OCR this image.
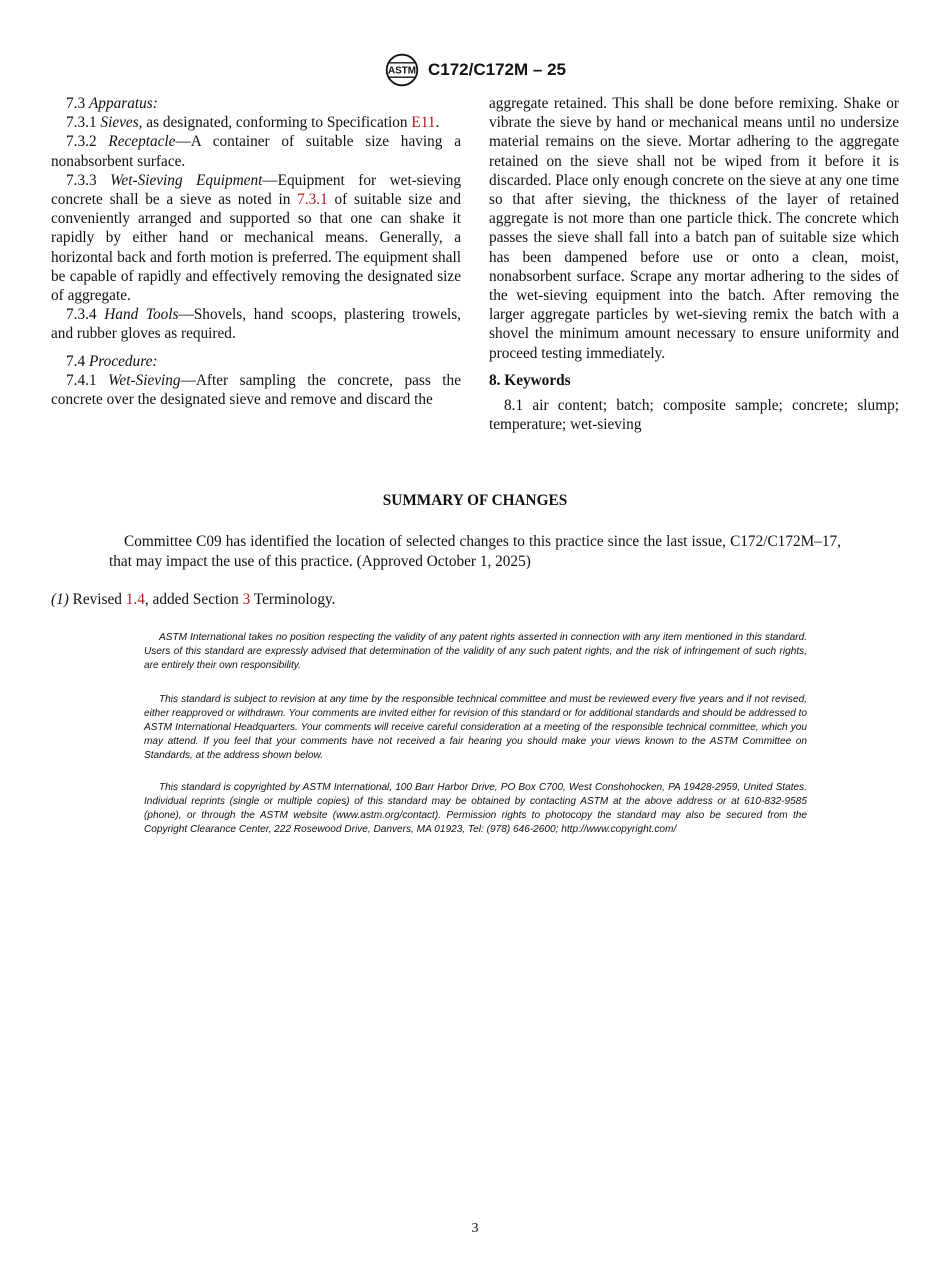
ASTM C172/C172M – 25

7.3 Apparatus:

7.3.1 Sieves, as designated, conforming to Specification E11.

7.3.2 Receptacle—A container of suitable size having a nonabsorbent surface.

7.3.3 Wet-Sieving Equipment—Equipment for wet-sieving concrete shall be a sieve as noted in 7.3.1 of suitable size and conveniently arranged and supported so that one can shake it rapidly by either hand or mechanical means. Generally, a horizontal back and forth motion is preferred. The equipment shall be capable of rapidly and effectively removing the designated size of aggregate.

7.3.4 Hand Tools—Shovels, hand scoops, plastering trowels, and rubber gloves as required.

7.4 Procedure:

7.4.1 Wet-Sieving—After sampling the concrete, pass the concrete over the designated sieve and remove and discard the

aggregate retained. This shall be done before remixing. Shake or vibrate the sieve by hand or mechanical means until no undersize material remains on the sieve. Mortar adhering to the aggregate retained on the sieve shall not be wiped from it before it is discarded. Place only enough concrete on the sieve at any one time so that after sieving, the thickness of the layer of retained aggregate is not more than one particle thick. The concrete which passes the sieve shall fall into a batch pan of suitable size which has been dampened before use or onto a clean, moist, nonabsorbent surface. Scrape any mortar adhering to the sides of the wet-sieving equipment into the batch. After removing the larger aggregate particles by wet-sieving remix the batch with a shovel the minimum amount necessary to ensure uniformity and proceed testing immediately.

8. Keywords

8.1 air content; batch; composite sample; concrete; slump; temperature; wet-sieving

SUMMARY OF CHANGES

Committee C09 has identified the location of selected changes to this practice since the last issue, C172/C172M–17, that may impact the use of this practice. (Approved October 1, 2025)

(1) Revised 1.4, added Section 3 Terminology.

ASTM International takes no position respecting the validity of any patent rights asserted in connection with any item mentioned in this standard. Users of this standard are expressly advised that determination of the validity of any such patent rights, and the risk of infringement of such rights, are entirely their own responsibility.

This standard is subject to revision at any time by the responsible technical committee and must be reviewed every five years and if not revised, either reapproved or withdrawn. Your comments are invited either for revision of this standard or for additional standards and should be addressed to ASTM International Headquarters. Your comments will receive careful consideration at a meeting of the responsible technical committee, which you may attend. If you feel that your comments have not received a fair hearing you should make your views known to the ASTM Committee on Standards, at the address shown below.

This standard is copyrighted by ASTM International, 100 Barr Harbor Drive, PO Box C700, West Conshohocken, PA 19428-2959, United States. Individual reprints (single or multiple copies) of this standard may be obtained by contacting ASTM at the above address or at 610-832-9585 (phone), or through the ASTM website (www.astm.org/contact). Permission rights to photocopy the standard may also be secured from the Copyright Clearance Center, 222 Rosewood Drive, Danvers, MA 01923, Tel: (978) 646-2600; http://www.copyright.com/

3
